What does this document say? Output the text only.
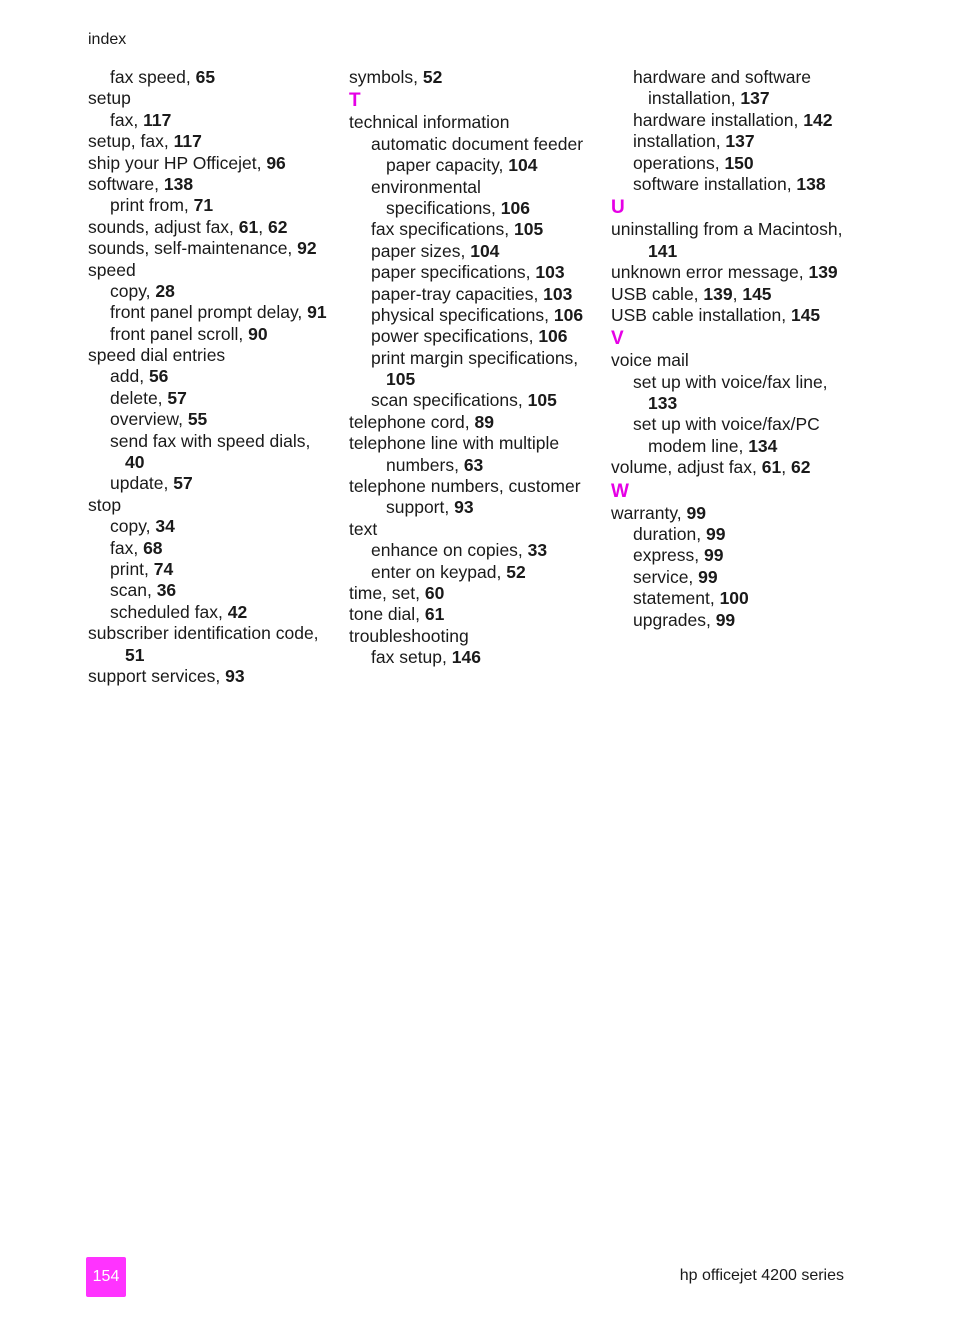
index
fax speed, 65
setup
fax, 117
setup, fax, 117
ship your HP Officejet, 96
software, 138
print from, 71
sounds, adjust fax, 61, 62
sounds, self-maintenance, 92
speed
copy, 28
front panel prompt delay, 91
front panel scroll, 90
speed dial entries
add, 56
delete, 57
overview, 55
send fax with speed dials,
40
update, 57
stop
copy, 34
fax, 68
print, 74
scan, 36
scheduled fax, 42
subscriber identification code,
51
support services, 93
symbols, 52
T
technical information
automatic document feeder
paper capacity, 104
environmental
specifications, 106
fax specifications, 105
paper sizes, 104
paper specifications, 103
paper-tray capacities, 103
physical specifications, 106
power specifications, 106
print margin specifications,
105
scan specifications, 105
telephone cord, 89
telephone line with multiple
numbers, 63
telephone numbers, customer
support, 93
text
enhance on copies, 33
enter on keypad, 52
time, set, 60
tone dial, 61
troubleshooting
fax setup, 146
hardware and software
installation, 137
hardware installation, 142
installation, 137
operations, 150
software installation, 138
U
uninstalling from a Macintosh,
141
unknown error message, 139
USB cable, 139, 145
USB cable installation, 145
V
voice mail
set up with voice/fax line,
133
set up with voice/fax/PC
modem line, 134
volume, adjust fax, 61, 62
W
warranty, 99
duration, 99
express, 99
service, 99
statement, 100
upgrades, 99
154	hp officejet 4200 series
